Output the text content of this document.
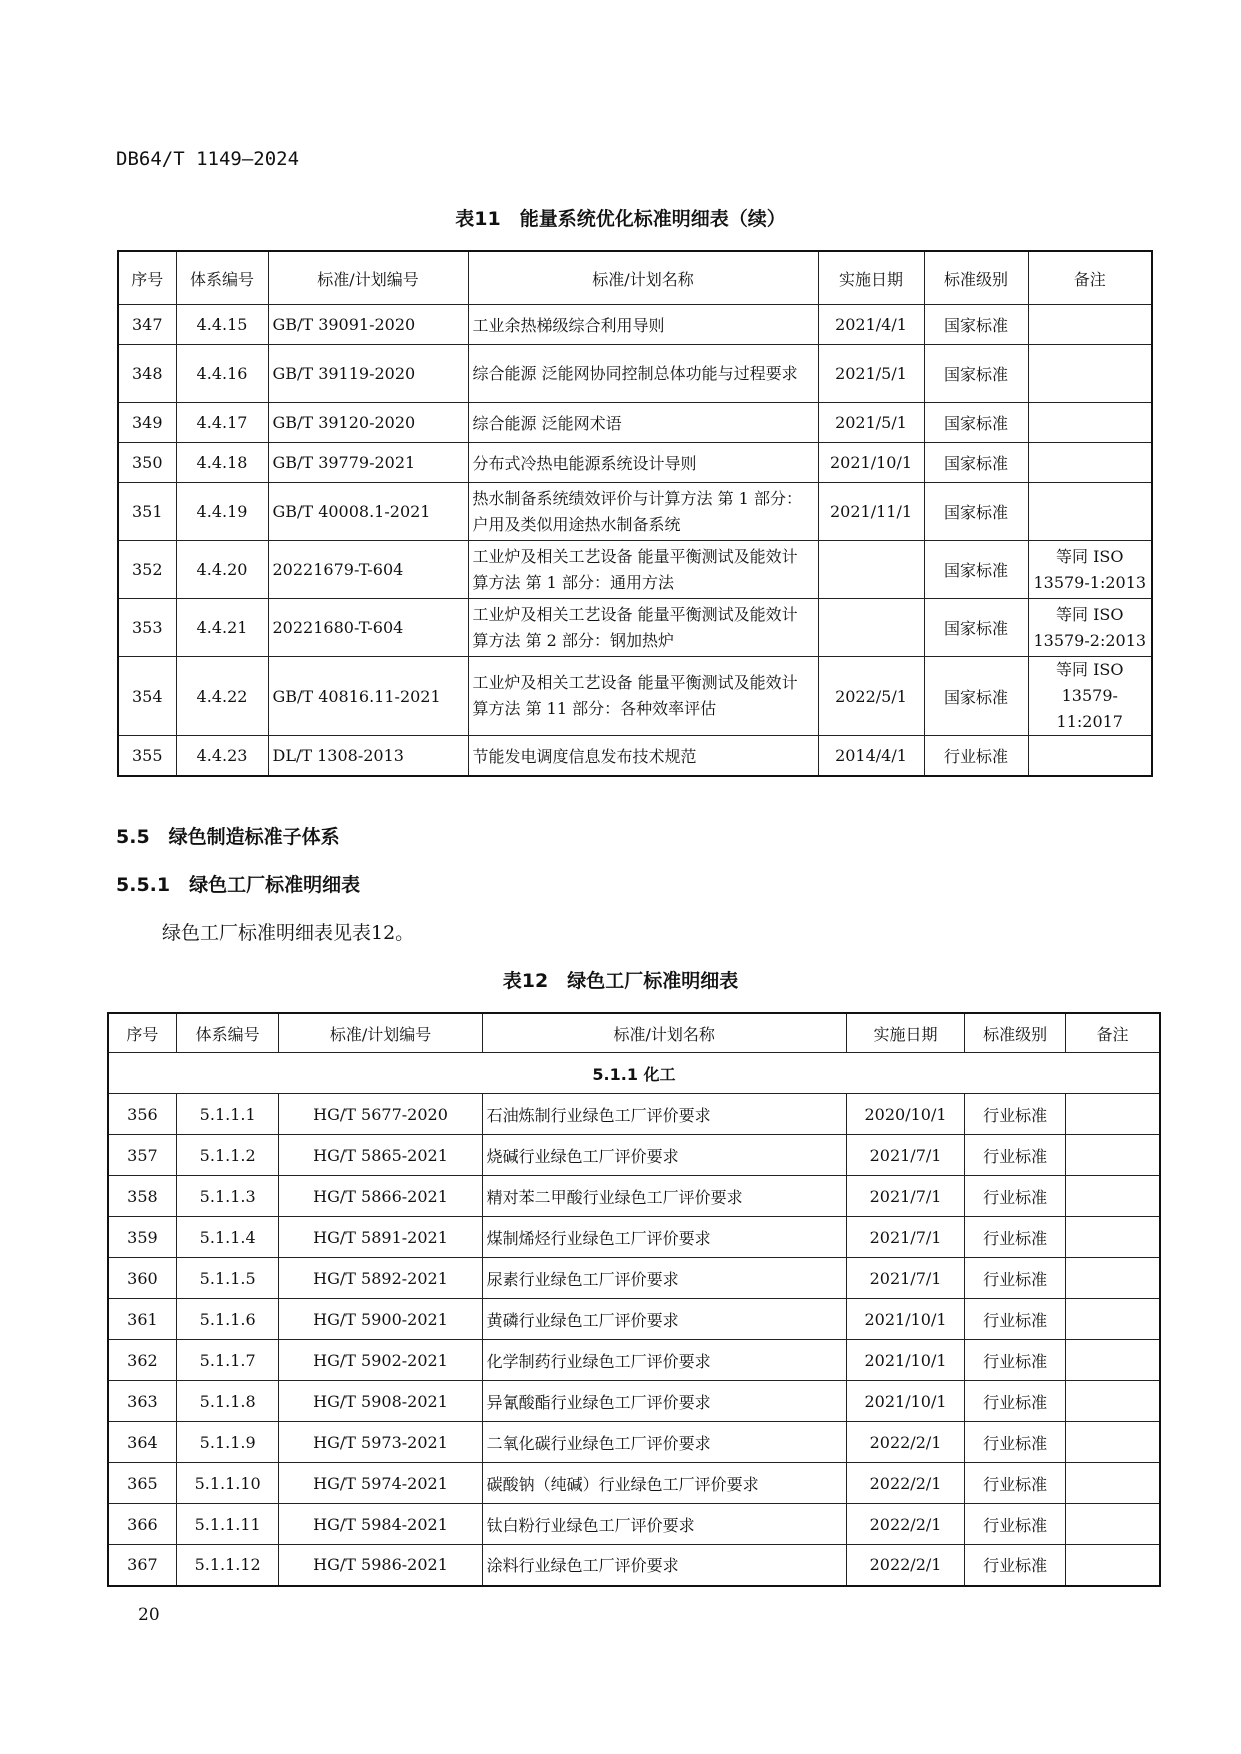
DB64/T 1149—2024
表11　能量系统优化标准明细表（续）
序号	体系编号	标准/计划编号	标准/计划名称	实施日期	标准级别	备注
347	4.4.15	GB/T 39091-2020	工业余热梯级综合利用导则	2021/4/1	国家标准	
348	4.4.16	GB/T 39119-2020	综合能源 泛能网协同控制总体功能与过程要求	2021/5/1	国家标准	
349	4.4.17	GB/T 39120-2020	综合能源 泛能网术语	2021/5/1	国家标准	
350	4.4.18	GB/T 39779-2021	分布式冷热电能源系统设计导则	2021/10/1	国家标准	
351	4.4.19	GB/T 40008.1-2021	热水制备系统绩效评价与计算方法 第 1 部分：户用及类似用途热水制备系统	2021/11/1	国家标准	
352	4.4.20	20221679-T-604	工业炉及相关工艺设备 能量平衡测试及能效计算方法 第 1 部分：通用方法		国家标准	等同 ISO 13579-1:2013
353	4.4.21	20221680-T-604	工业炉及相关工艺设备 能量平衡测试及能效计算方法 第 2 部分：钢加热炉		国家标准	等同 ISO 13579-2:2013
354	4.4.22	GB/T 40816.11-2021	工业炉及相关工艺设备 能量平衡测试及能效计算方法 第 11 部分：各种效率评估	2022/5/1	国家标准	等同 ISO 13579-11:2017
355	4.4.23	DL/T 1308-2013	节能发电调度信息发布技术规范	2014/4/1	行业标准	
5.5　绿色制造标准子体系
5.5.1　绿色工厂标准明细表
绿色工厂标准明细表见表12。
表12　绿色工厂标准明细表
序号	体系编号	标准/计划编号	标准/计划名称	实施日期	标准级别	备注
5.1.1 化工						
356	5.1.1.1	HG/T 5677-2020	石油炼制行业绿色工厂评价要求	2020/10/1	行业标准	
357	5.1.1.2	HG/T 5865-2021	烧碱行业绿色工厂评价要求	2021/7/1	行业标准	
358	5.1.1.3	HG/T 5866-2021	精对苯二甲酸行业绿色工厂评价要求	2021/7/1	行业标准	
359	5.1.1.4	HG/T 5891-2021	煤制烯烃行业绿色工厂评价要求	2021/7/1	行业标准	
360	5.1.1.5	HG/T 5892-2021	尿素行业绿色工厂评价要求	2021/7/1	行业标准	
361	5.1.1.6	HG/T 5900-2021	黄磷行业绿色工厂评价要求	2021/10/1	行业标准	
362	5.1.1.7	HG/T 5902-2021	化学制药行业绿色工厂评价要求	2021/10/1	行业标准	
363	5.1.1.8	HG/T 5908-2021	异氰酸酯行业绿色工厂评价要求	2021/10/1	行业标准	
364	5.1.1.9	HG/T 5973-2021	二氧化碳行业绿色工厂评价要求	2022/2/1	行业标准	
365	5.1.1.10	HG/T 5974-2021	碳酸钠（纯碱）行业绿色工厂评价要求	2022/2/1	行业标准	
366	5.1.1.11	HG/T 5984-2021	钛白粉行业绿色工厂评价要求	2022/2/1	行业标准	
367	5.1.1.12	HG/T 5986-2021	涂料行业绿色工厂评价要求	2022/2/1	行业标准	
20
